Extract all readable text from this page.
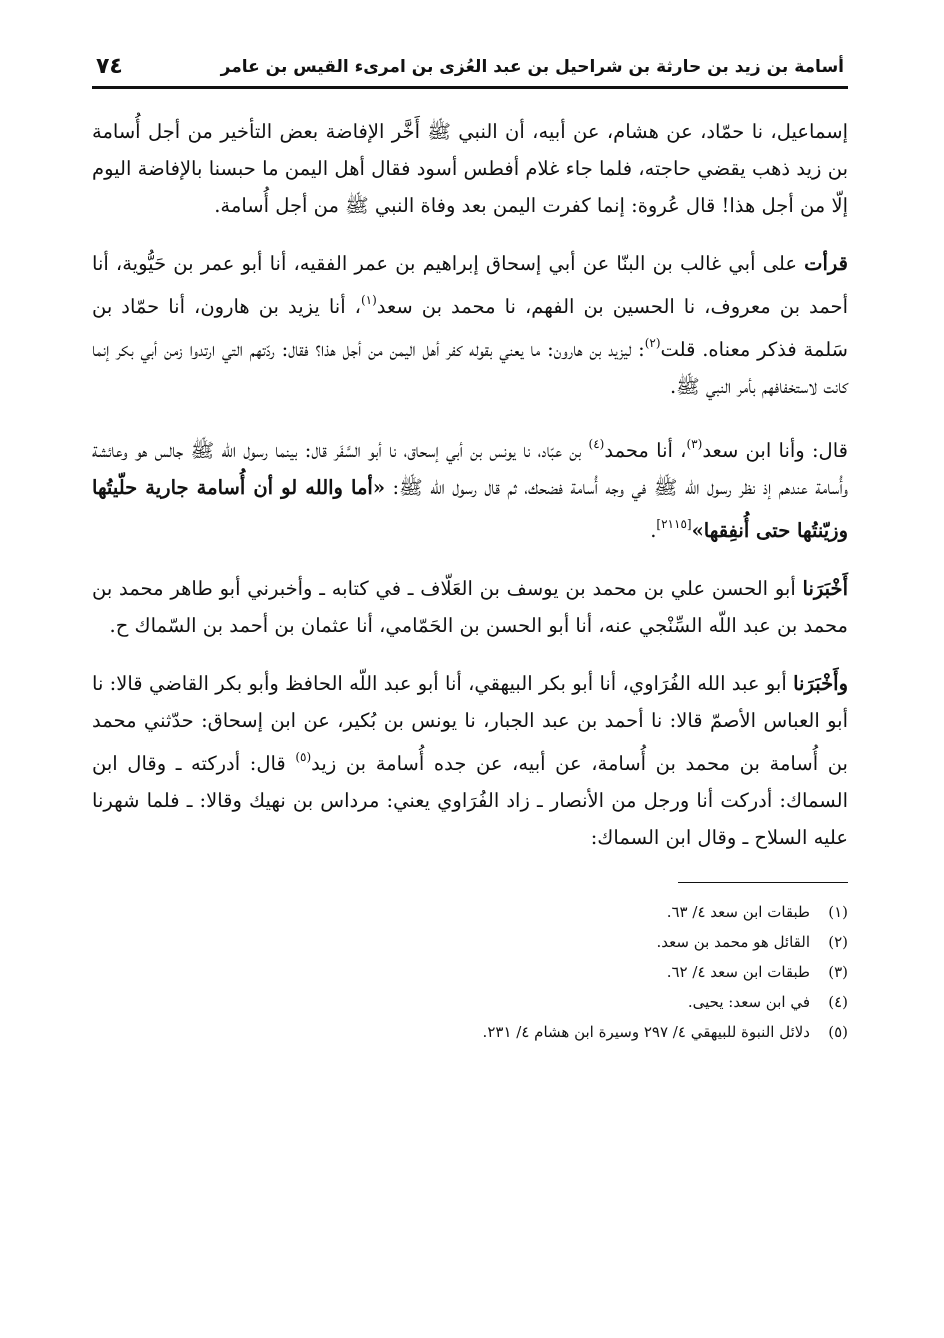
أسامة بن زيد بن حارثة بن شراحيل بن عبد العُزى بن امرىء القيس بن عامر
٧٤

إسماعيل، نا حمّاد، عن هشام، عن أبيه، أن النبي ﷺ أَخَّر الإفاضة بعض التأخير من أجل أُسامة بن زيد ذهب يقضي حاجته، فلما جاء غلام أفطس أسود فقال أهل اليمن ما حبسنا بالإفاضة اليوم إلّا من أجل هذا! قال عُروة: إنما كفرت اليمن بعد وفاة النبي ﷺ من أجل أُسامة.

قرأت على أبي غالب بن البنّا عن أبي إسحاق إبراهيم بن عمر الفقيه، أنا أبو عمر بن حَيُّوية، أنا أحمد بن معروف، نا الحسين بن الفهم، نا محمد بن سعد$^{(١)}$، أنا يزيد بن هارون، أنا حمّاد بن سَلمة فذكر معناه. قلت$^{(٢)}$: ليزيد بن هارون: ما يعني بقوله كفر أهل اليمن من أجل هذا؟ فقال: ردّتهم التي ارتدوا زمن أبي بكر إنما كانت لاستخفافهم بأمر النبي ﷺ.

قال: وأنا ابن سعد$^{(٣)}$، أنا محمد$^{(٤)}$ بن عبّاد، نا يونس بن أبي إسحاق، نا أبو السَّفَر قال: بينما رسول الله ﷺ جالس هو وعائشة وأُسامة عندهم إذ نظر رسول الله ﷺ في وجه أُسامة فضحك، ثم قال رسول الله ﷺ: «أما والله لو أن أُسامة جارية حلّيتُها وزيّنتُها حتى أُنفِقها»[٢١١٥].

أَخْبَرَنا أبو الحسن علي بن محمد بن يوسف بن العَلّاف ـ في كتابه ـ وأخبرني أبو طاهر محمد بن محمد بن عبد اللّه السِّنْجي عنه، أنا أبو الحسن بن الحَمّامي، أنا عثمان بن أحمد بن السّماك ح.

وأَخْبَرَنا أبو عبد الله الفُرَاوي، أنا أبو بكر البيهقي، أنا أبو عبد اللّه الحافظ وأبو بكر القاضي قالا: نا أبو العباس الأصمّ قالا: نا أحمد بن عبد الجبار، نا يونس بن بُكير، عن ابن إسحاق: حدّثني محمد بن أُسامة بن محمد بن أُسامة، عن أبيه، عن جده أُسامة بن زيد$^{(٥)}$ قال: أدركته ـ وقال ابن السماك: أدركت أنا ورجل من الأنصار ـ زاد الفُرَاوي يعني: مرداس بن نهيك وقالا: ـ فلما شهرنا عليه السلاح ـ وقال ابن السماك:

(١)
طبقات ابن سعد ٤/ ٦٣.
(٢)
القائل هو محمد بن سعد.
(٣)
طبقات ابن سعد ٤/ ٦٢.
(٤)
في ابن سعد: يحيى.
(٥)
دلائل النبوة للبيهقي ٤/ ٢٩٧ وسيرة ابن هشام ٤/ ٢٣١.
